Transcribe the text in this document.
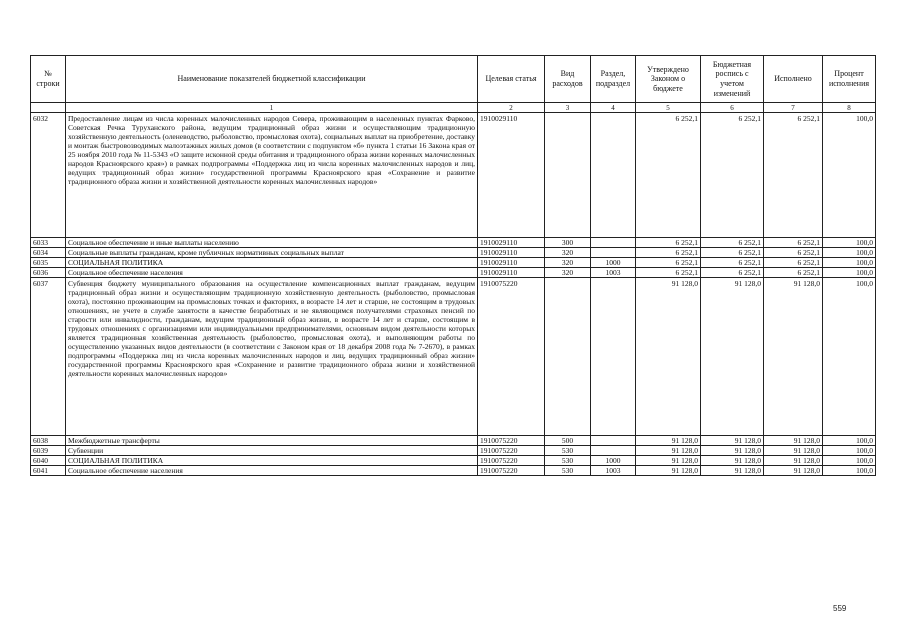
№ строки	Наименование показателей бюджетной классификации	Целевая статья	Вид расходов	Раздел, подраздел	Утверждено Законом о бюджете	Бюджетная роспись с учетом изменений	Исполнено	Процент исполнения
	1	2	3	4	5	6	7	8
6032	Предоставление лицам из числа коренных малочисленных народов Севера, проживающим в населенных пунктах Фарково, Советская Речка Туруханского района, ведущим традиционный образ жизни и осуществляющим традиционную хозяйственную деятельность (оленеводство, рыболовство, промысловая охота), социальных выплат на приобретение, доставку и монтаж быстровозводимых малоэтажных жилых домов (в соответствии с подпунктом «б» пункта 1 статьи 16 Закона края от 25 ноября 2010 года № 11-5343 «О защите исконной среды обитания и традиционного образа жизни коренных малочисленных народов Красноярского края») в рамках подпрограммы «Поддержка лиц из числа коренных малочисленных народов и лиц, ведущих традиционный образ жизни» государственной программы Красноярского края «Сохранение и развитие традиционного образа жизни и хозяйственной деятельности коренных малочисленных народов»	1910029110			6 252,1	6 252,1	6 252,1	100,0
6033	Социальное обеспечение и иные выплаты населению	1910029110	300		6 252,1	6 252,1	6 252,1	100,0
6034	Социальные выплаты гражданам, кроме публичных нормативных социальных выплат	1910029110	320		6 252,1	6 252,1	6 252,1	100,0
6035	СОЦИАЛЬНАЯ ПОЛИТИКА	1910029110	320	1000	6 252,1	6 252,1	6 252,1	100,0
6036	Социальное обеспечение населения	1910029110	320	1003	6 252,1	6 252,1	6 252,1	100,0
6037	Субвенция бюджету муниципального образования на осуществление компенсационных выплат гражданам, ведущим традиционный образ жизни и осуществляющим традиционную хозяйственную деятельность (рыболовство, промысловая охота), постоянно проживающим на промысловых точках и факториях, в возрасте 14 лет и старше, не состоящим в трудовых отношениях, не учете в службе занятости в качестве безработных и не являющимся получателями страховых пенсий по старости или инвалидности, гражданам, ведущим традиционный образ жизни, в возрасте 14 лет и старше, состоящим в трудовых отношениях с организациями или индивидуальными предпринимателями, основным видом деятельности которых является традиционная хозяйственная деятельность (рыболовство, промысловая охота), и выполняющим работы по осуществлению указанных видов деятельности (в соответствии с Законом края от 18 декабря 2008 года № 7-2670), в рамках подпрограммы «Поддержка лиц из числа коренных малочисленных народов и лиц, ведущих традиционный образ жизни» государственной программы Красноярского края «Сохранение и развитие традиционного образа жизни и хозяйственной деятельности коренных малочисленных народов»	1910075220			91 128,0	91 128,0	91 128,0	100,0
6038	Межбюджетные трансферты	1910075220	500		91 128,0	91 128,0	91 128,0	100,0
6039	Субвенции	1910075220	530		91 128,0	91 128,0	91 128,0	100,0
6040	СОЦИАЛЬНАЯ ПОЛИТИКА	1910075220	530	1000	91 128,0	91 128,0	91 128,0	100,0
6041	Социальное обеспечение населения	1910075220	530	1003	91 128,0	91 128,0	91 128,0	100,0
559
